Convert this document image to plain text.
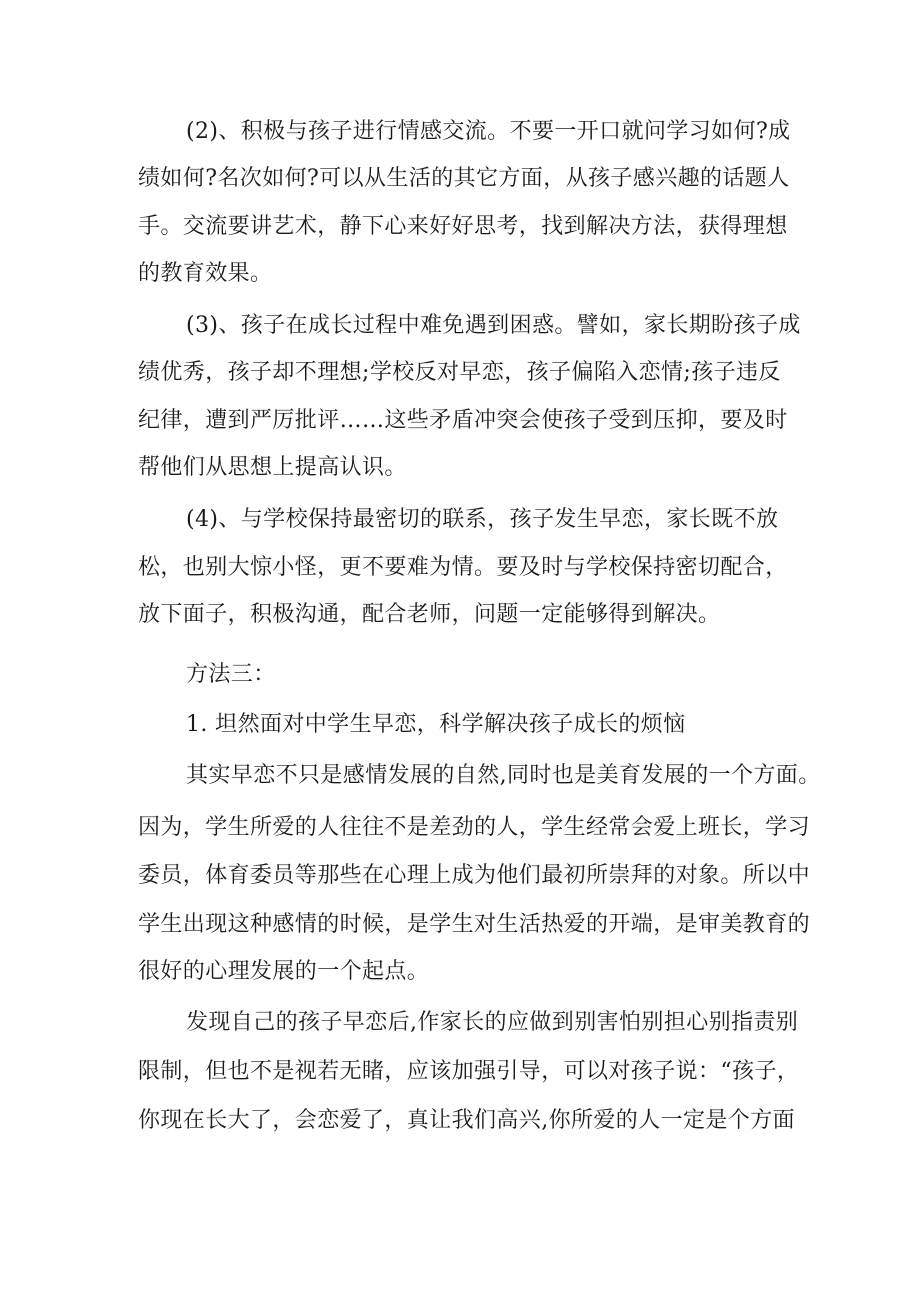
(2)、积极与孩子进行情感交流。不要一开口就问学习如何?成
绩如何?名次如何?可以从生活的其它方面，从孩子感兴趣的话题人
手。交流要讲艺术，静下心来好好思考，找到解决方法，获得理想
的教育效果。
(3)、孩子在成长过程中难免遇到困惑。譬如，家长期盼孩子成
绩优秀，孩子却不理想;学校反对早恋，孩子偏陷入恋情;孩子违反
纪律，遭到严厉批评……这些矛盾冲突会使孩子受到压抑，要及时
帮他们从思想上提高认识。
(4)、与学校保持最密切的联系，孩子发生早恋，家长既不放
松，也别大惊小怪，更不要难为情。要及时与学校保持密切配合，
放下面子，积极沟通，配合老师，问题一定能够得到解决。
方法三：
1. 坦然面对中学生早恋，科学解决孩子成长的烦恼
其实早恋不只是感情发展的自然,同时也是美育发展的一个方面。
因为，学生所爱的人往往不是差劲的人，学生经常会爱上班长，学习
委员，体育委员等那些在心理上成为他们最初所崇拜的对象。所以中
学生出现这种感情的时候，是学生对生活热爱的开端，是审美教育的
很好的心理发展的一个起点。
发现自己的孩子早恋后,作家长的应做到别害怕别担心别指责别
限制，但也不是视若无睹，应该加强引导，可以对孩子说：“孩子，
你现在长大了，会恋爱了，真让我们高兴,你所爱的人一定是个方面
